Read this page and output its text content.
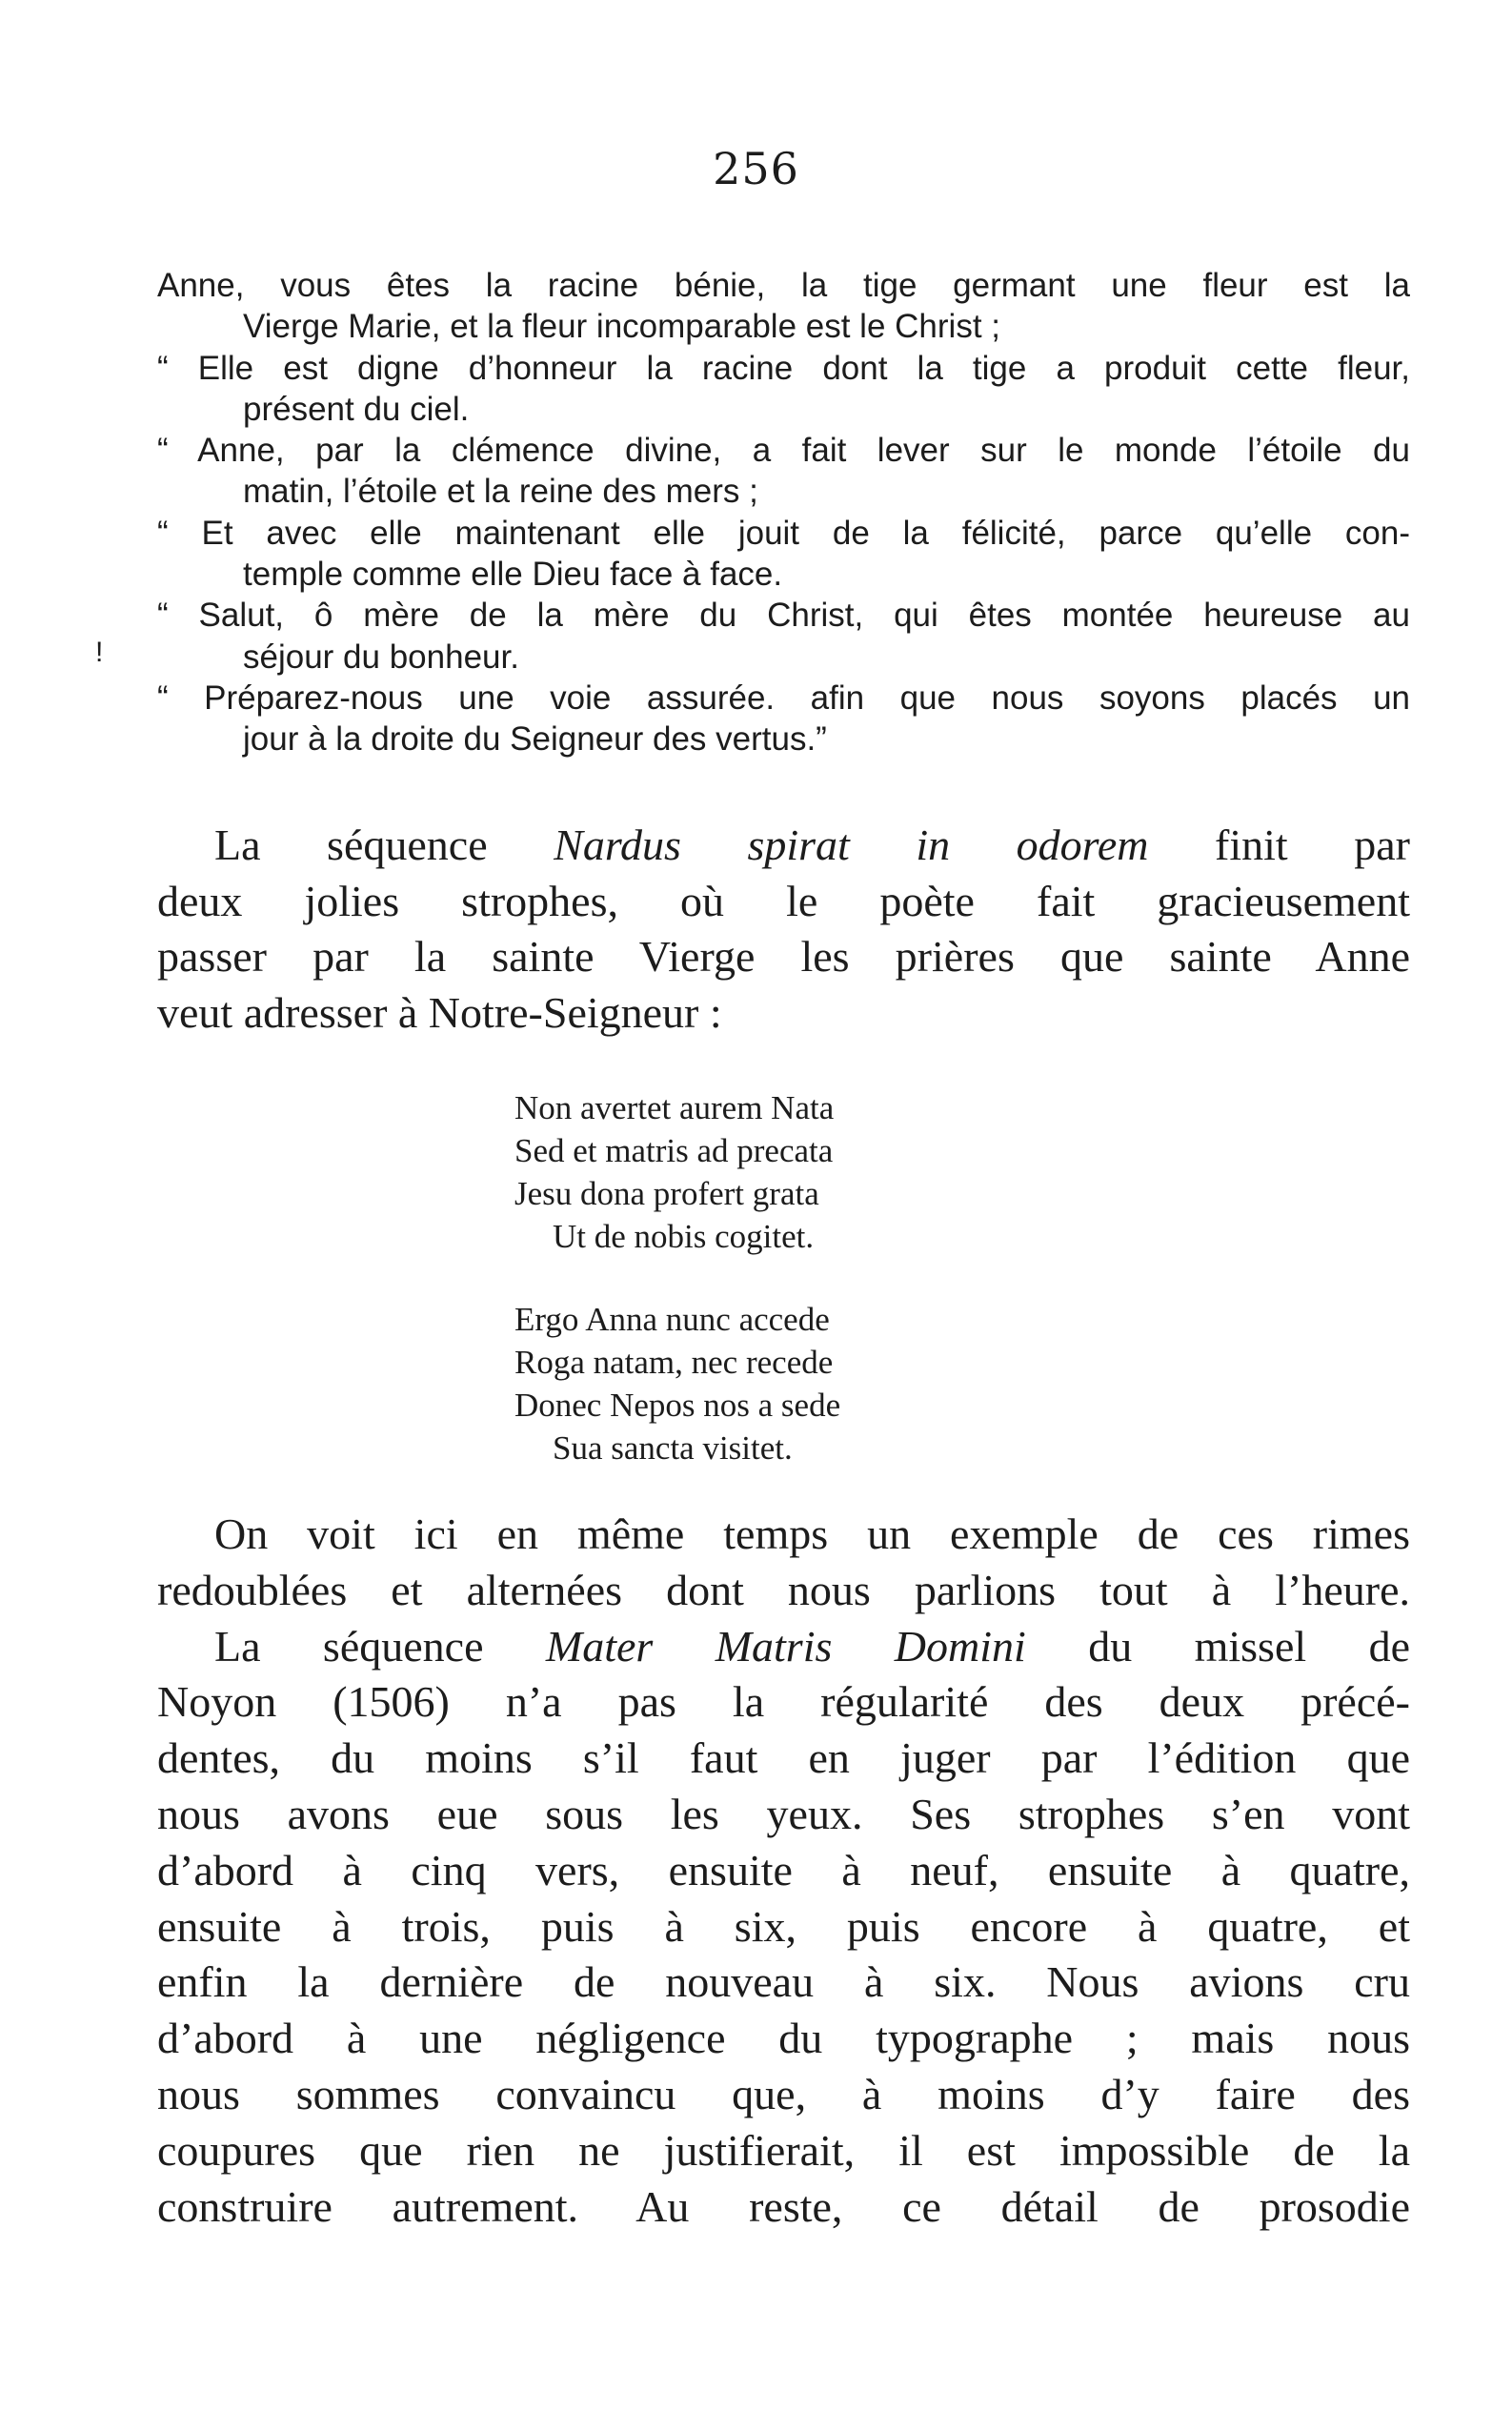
256

Anne, vous êtes la racine bénie, la tige germant une fleur est la

Vierge Marie, et la fleur incomparable est le Christ ;

“ Elle est digne d’honneur la racine dont la tige a produit cette fleur,

présent du ciel.

“ Anne, par la clémence divine, a fait lever sur le monde l’étoile du

matin, l’étoile et la reine des mers ;

“ Et avec elle maintenant elle jouit de la félicité, parce qu’elle con-

temple comme elle Dieu face à face.

“ Salut, ô mère de la mère du Christ, qui êtes montée heureuse au

séjour du bonheur.

“ Préparez-nous une voie assurée. afin que nous soyons placés un

jour à la droite du Seigneur des vertus.”

!

La séquence Nardus spirat in odorem finit par

deux jolies strophes, où le poète fait gracieusement

passer par la sainte Vierge les prières que sainte Anne

veut adresser à Notre-Seigneur :

Non avertet aurem Nata

Sed et matris ad precata

Jesu dona profert grata

Ut de nobis cogitet.

Ergo Anna nunc accede

Roga natam, nec recede

Donec Nepos nos a sede

Sua sancta visitet.

On voit ici en même temps un exemple de ces rimes

redoublées et alternées dont nous parlions tout à l’heure.

La séquence Mater Matris Domini du missel de

Noyon (1506) n’a pas la régularité des deux précé-

dentes, du moins s’il faut en juger par l’édition que

nous avons eue sous les yeux. Ses strophes s’en vont

d’abord à cinq vers, ensuite à neuf, ensuite à quatre,

ensuite à trois, puis à six, puis encore à quatre, et

enfin la dernière de nouveau à six. Nous avions cru

d’abord à une négligence du typographe ; mais nous

nous sommes convaincu que, à moins d’y faire des

coupures que rien ne justifierait, il est impossible de la

construire autrement. Au reste, ce détail de prosodie
